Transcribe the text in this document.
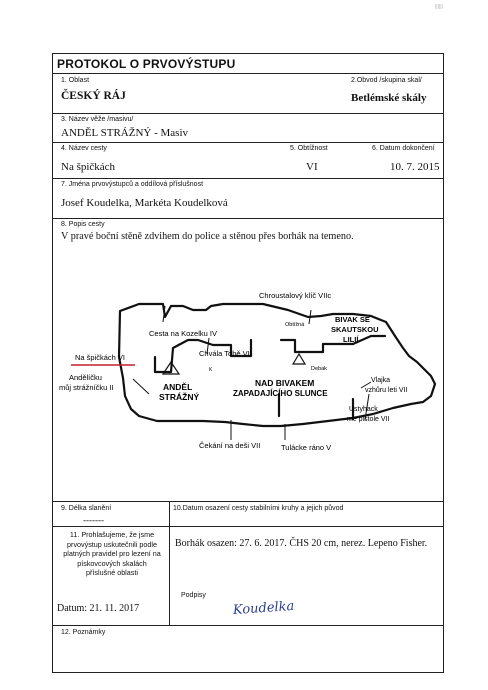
||||||
PROTOKOL O PRVOVÝSTUPU
1. Oblast
ČESKÝ RÁJ
2.Obvod /skupina skal/
Betlémské skály
3. Název věže /masivu/
ANDĚL STRÁŽNÝ - Masiv
4. Název cesty
Na špičkách
5. Obtížnost
VI
6. Datum dokončení
10. 7. 2015
7. Jména prvovýstupců a oddílová příslušnost
Josef Koudelka, Markéta Koudelková
8. Popis cesty
V pravé boční stěně zdvihem do police a stěnou přes borhák na temeno.
Chroustalový klíč VIIc
BIVAK SE
SKAUTSKOU
LILIÍ
Obtížná
Cesta na Kozelku IV
Na špičkách VI	Chvála Tobě VII
Debak
Andělíčku
můj strážníčku II	ANDĚL
STRÁŽNÝ
K
NAD BIVAKEM
ZAPADAJÍCÍHO SLUNCE
Vlajka
vzhůru leti VII
Ustyhack
me pistole VII
Čekání na deši VII	Tulácke ráno V
9. Délka slanění
-------
10.Datum osazení cesty stabilními kruhy a jejich původ
11. Prohlašujeme, že jsme
prvovýstup uskutečnili podle
platných pravidel pro lezení na
pískovcových skalách
příslušné oblasti
Borhák osazen: 27. 6. 2017. ČHS 20 cm, nerez. Lepeno Fisher.
Podpisy
Koudelka
Datum: 21. 11. 2017
12. Poznámky
